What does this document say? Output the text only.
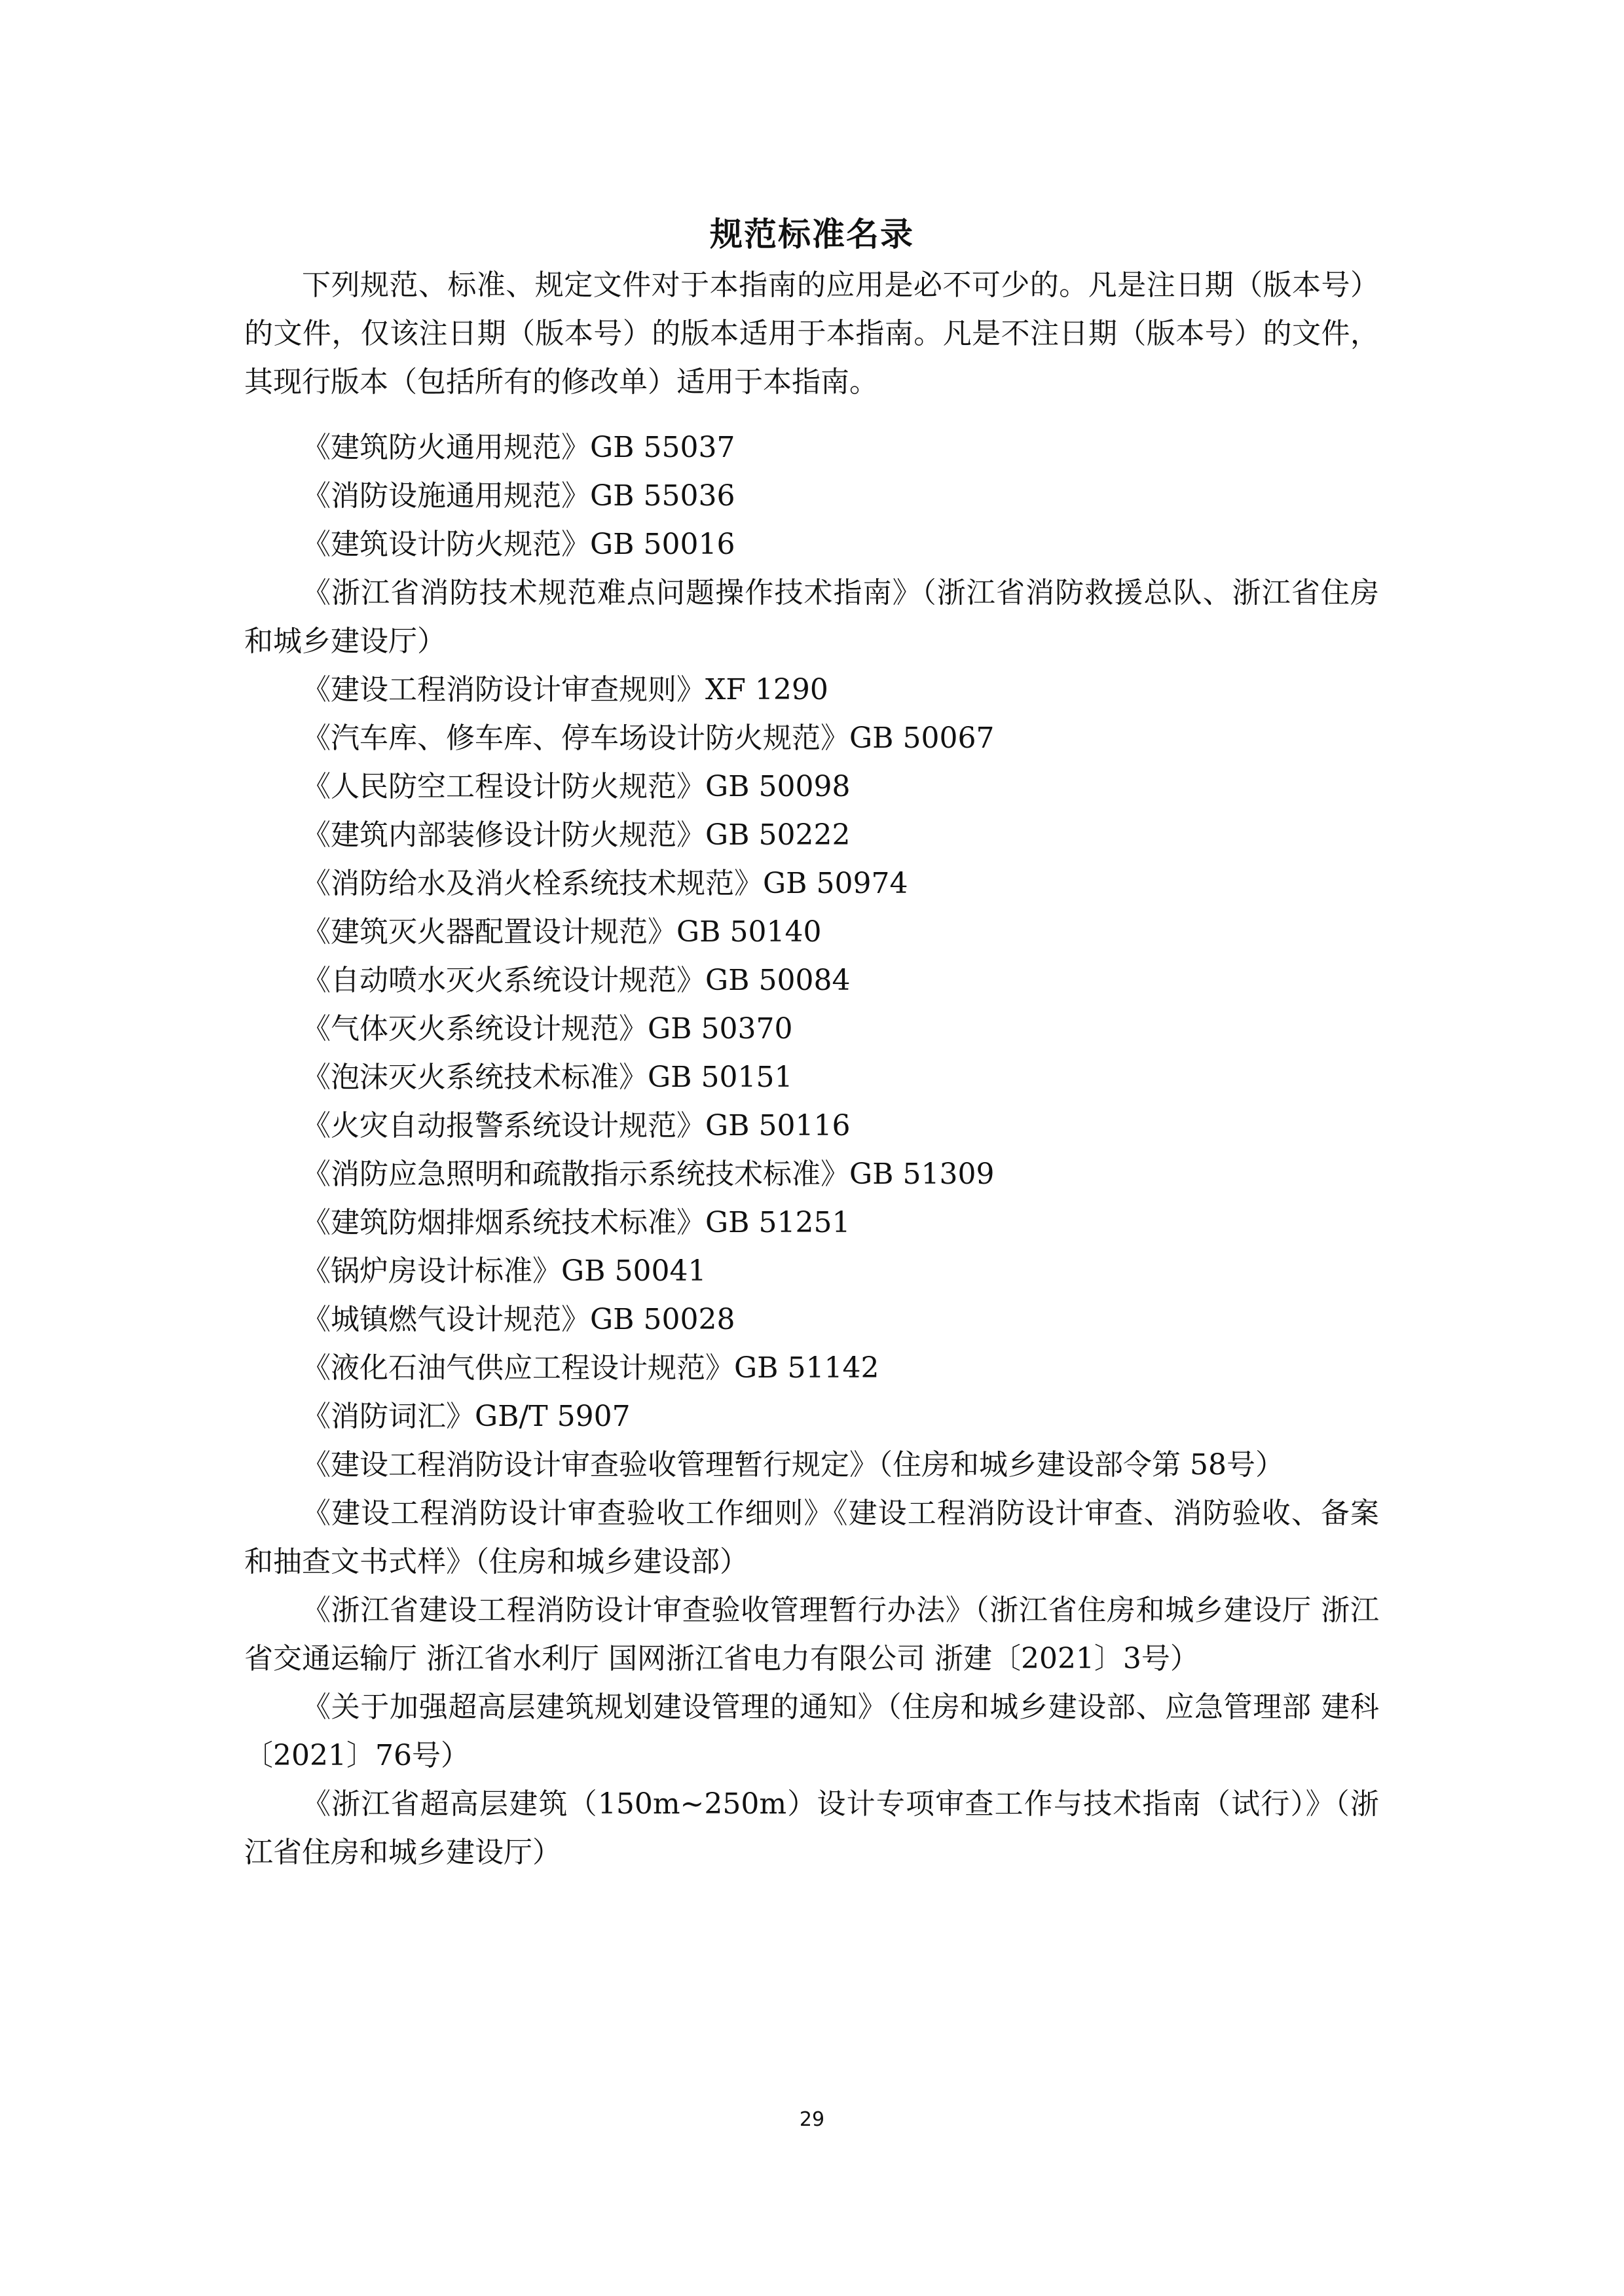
规范标准名录

下列规范、标准、规定文件对于本指南的应用是必不可少的。凡是注日期（版本号）的文件，仅该注日期（版本号）的版本适用于本指南。凡是不注日期（版本号）的文件，其现行版本（包括所有的修改单）适用于本指南。

《建筑防火通用规范》GB 55037

《消防设施通用规范》GB 55036

《建筑设计防火规范》GB 50016

《浙江省消防技术规范难点问题操作技术指南》（浙江省消防救援总队、浙江省住房和城乡建设厅）

《建设工程消防设计审查规则》XF 1290

《汽车库、修车库、停车场设计防火规范》GB 50067

《人民防空工程设计防火规范》GB 50098

《建筑内部装修设计防火规范》GB 50222

《消防给水及消火栓系统技术规范》GB 50974

《建筑灭火器配置设计规范》GB 50140

《自动喷水灭火系统设计规范》GB 50084

《气体灭火系统设计规范》GB 50370

《泡沫灭火系统技术标准》GB 50151

《火灾自动报警系统设计规范》GB 50116

《消防应急照明和疏散指示系统技术标准》GB 51309

《建筑防烟排烟系统技术标准》GB 51251

《锅炉房设计标准》GB 50041

《城镇燃气设计规范》GB 50028

《液化石油气供应工程设计规范》GB 51142

《消防词汇》GB/T 5907

《建设工程消防设计审查验收管理暂行规定》（住房和城乡建设部令第 58号）

《建设工程消防设计审查验收工作细则》《建设工程消防设计审查、消防验收、备案和抽查文书式样》（住房和城乡建设部）

《浙江省建设工程消防设计审查验收管理暂行办法》（浙江省住房和城乡建设厅 浙江省交通运输厅 浙江省水利厅 国网浙江省电力有限公司 浙建〔2021〕3号）

《关于加强超高层建筑规划建设管理的通知》（住房和城乡建设部、应急管理部 建科〔2021〕76号）

《浙江省超高层建筑（150m~250m）设计专项审查工作与技术指南（试行）》（浙江省住房和城乡建设厅）

29
